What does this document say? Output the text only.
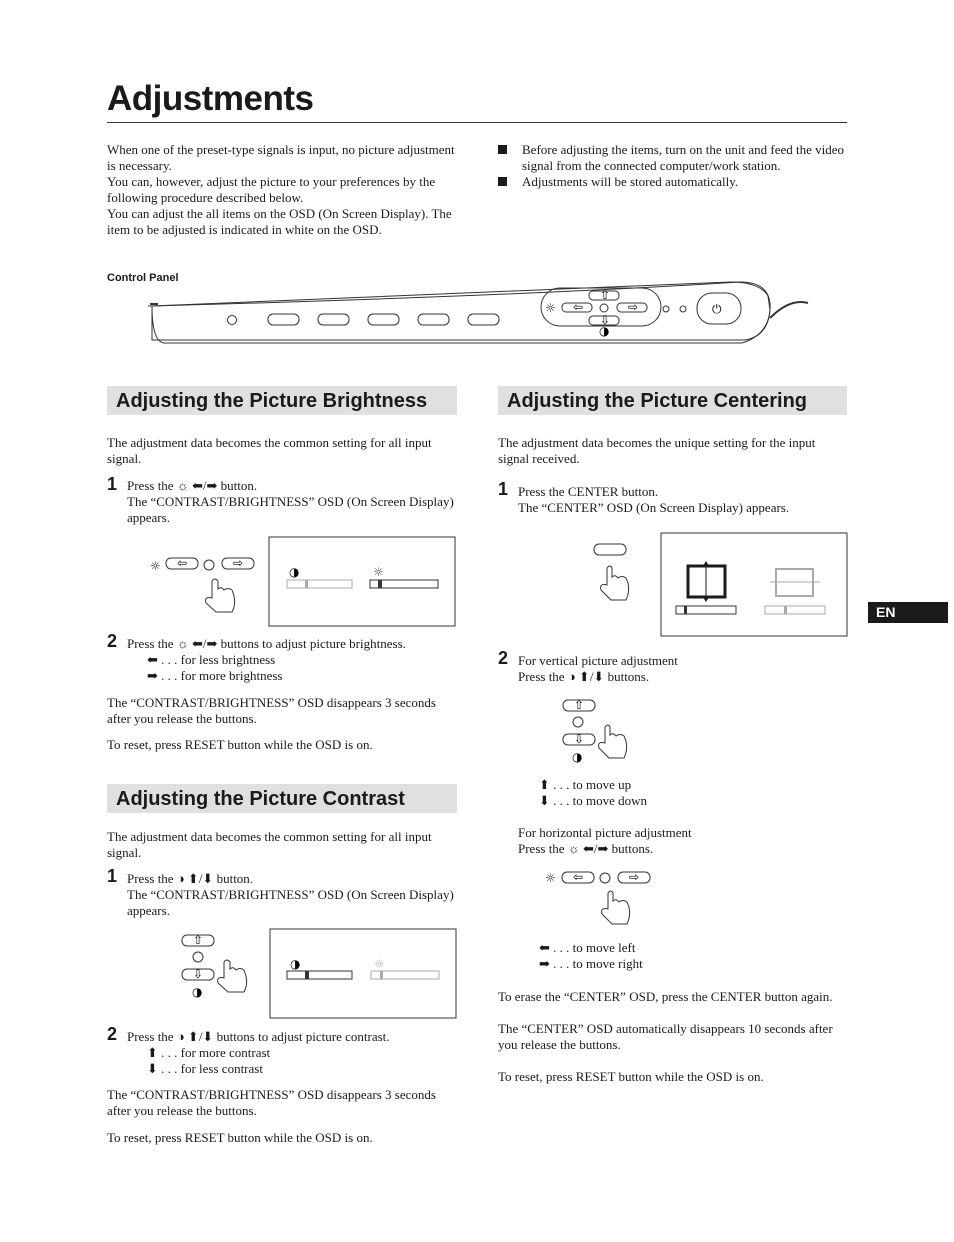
Adjustments

When one of the preset-type signals is input, no picture adjustment is necessary.

You can, however, adjust the picture to your preferences by the following procedure described below.

You can adjust the all items on the OSD (On Screen Display). The item to be adjusted is indicated in white on the OSD.

Before adjusting the items, turn on the unit and feed the video signal from the connected computer/work station.
Adjustments will be stored automatically.
Control Panel
☼ ⇦
⇧
⇩
⇨
◑
⏻
Adjusting the Picture Brightness
The adjustment data becomes the common setting for all input signal.
1 Press the ☼ ⬅/➡ button.
The “CONTRAST/BRIGHTNESS” OSD (On Screen Display) appears.
☼ ⇦	⇨
◑	☼
2 Press the ☼ ⬅/➡ buttons to adjust picture brightness.
⬅ . . . for less brightness
➡ . . . for more brightness
The “CONTRAST/BRIGHTNESS” OSD disappears 3 seconds after you release the buttons.
To reset, press RESET button while the OSD is on.
Adjusting the Picture Contrast
The adjustment data becomes the common setting for all input signal.
1 Press the ◑ ⬆/⬇ button.
The “CONTRAST/BRIGHTNESS” OSD (On Screen Display) appears.
⇧
⇩
◑
◑	☼
2 Press the ◑ ⬆/⬇ buttons to adjust picture contrast.
⬆ . . . for more contrast
⬇ . . . for less contrast
The “CONTRAST/BRIGHTNESS” OSD disappears 3 seconds after you release the buttons.
To reset, press RESET button while the OSD is on.
Adjusting the Picture Centering
The adjustment data becomes the unique setting for the input signal received.
1 Press the CENTER button.
The “CENTER” OSD (On Screen Display) appears.
2 For vertical picture adjustment
Press the ◑ ⬆/⬇ buttons.
⇧
⇩
◑
⬆ . . . to move up
⬇ . . . to move down
For horizontal picture adjustment
Press the ☼ ⬅/➡ buttons.
☼ ⇦	⇨
⬅ . . . to move left
➡ . . . to move right
To erase the “CENTER” OSD, press the CENTER button again.
The “CENTER” OSD automatically disappears 10 seconds after you release the buttons.
To reset, press RESET button while the OSD is on.
EN
